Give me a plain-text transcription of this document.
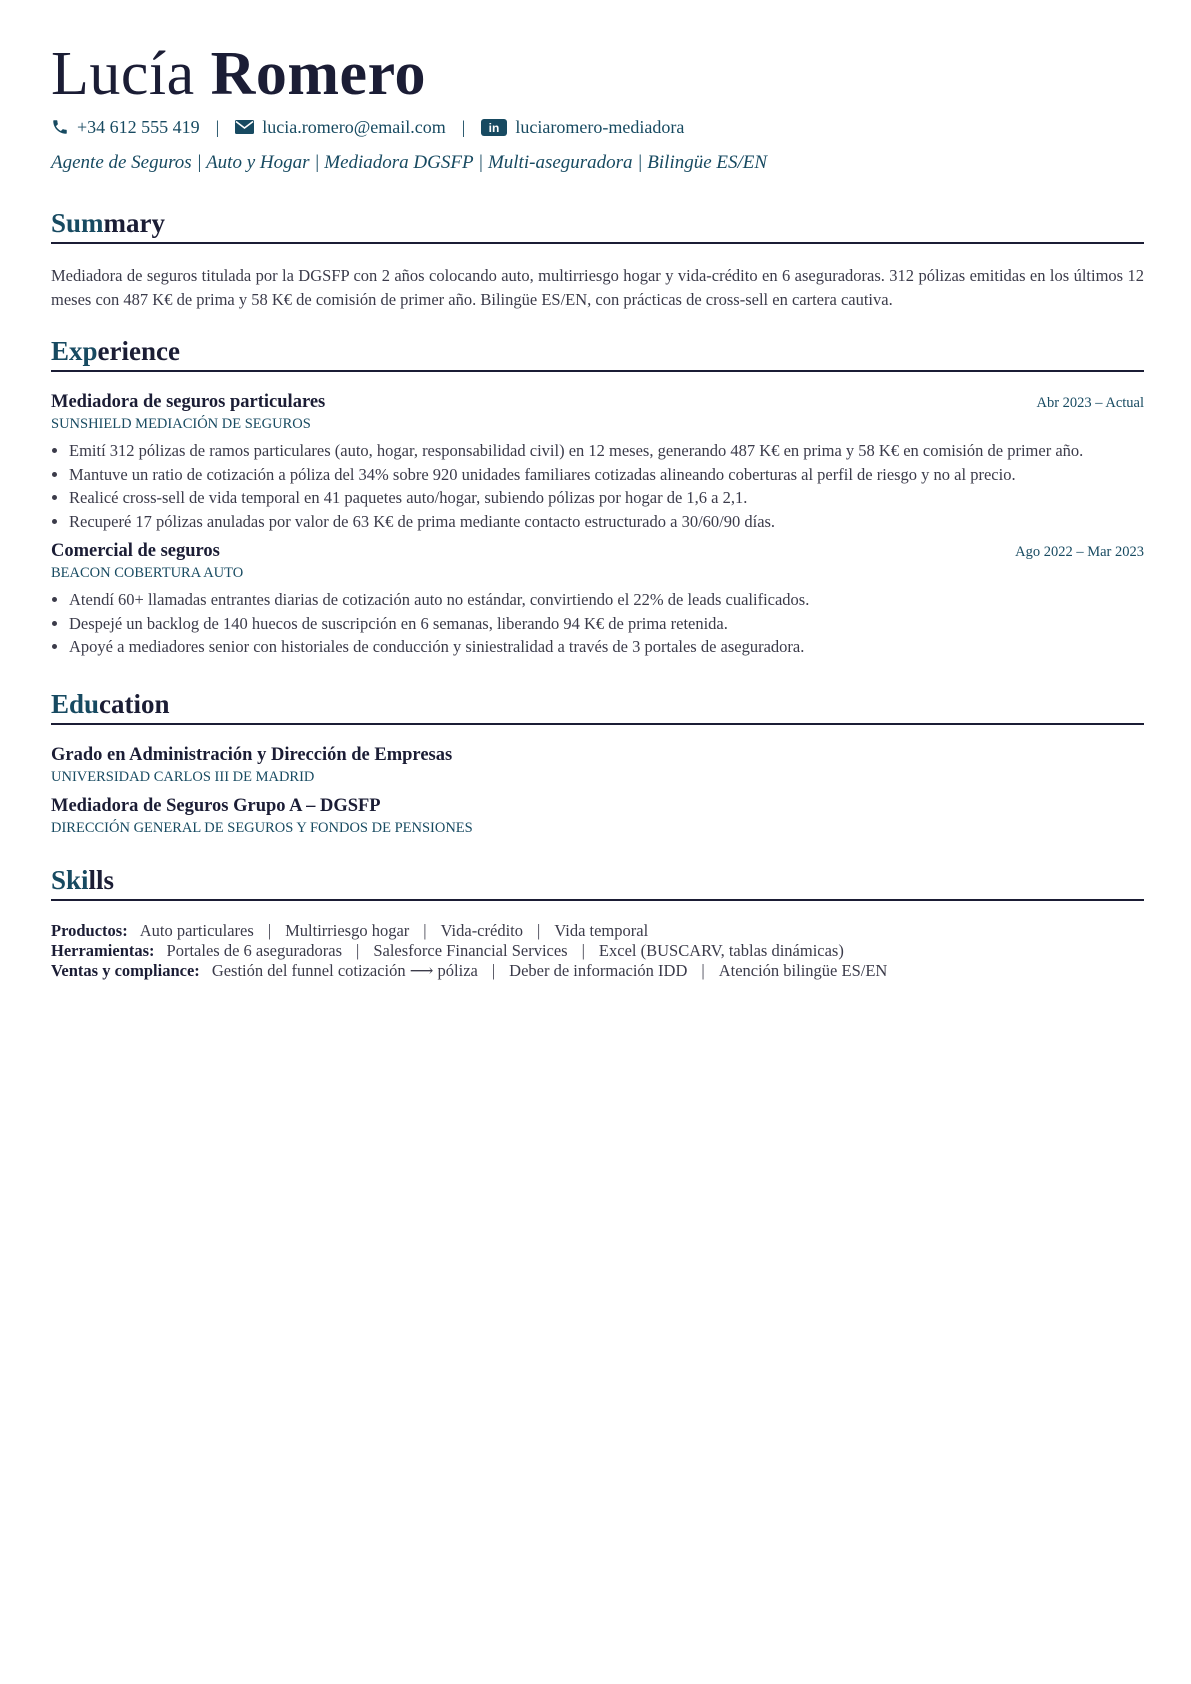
Lucía Romero
+34 612 555 419 | lucia.romero@email.com | in luciaromero-mediadora
Agente de Seguros | Auto y Hogar | Mediadora DGSFP | Multi-aseguradora | Bilingüe ES/EN
Summary
Mediadora de seguros titulada por la DGSFP con 2 años colocando auto, multirriesgo hogar y vida-crédito en 6 aseguradoras. 312 pólizas emitidas en los últimos 12 meses con 487 K€ de prima y 58 K€ de comisión de primer año. Bilingüe ES/EN, con prácticas de cross-sell en cartera cautiva.
Experience
Mediadora de seguros particulares	Abr 2023 – Actual
SUNSHIELD MEDIACIÓN DE SEGUROS
• Emití 312 pólizas de ramos particulares (auto, hogar, responsabilidad civil) en 12 meses, generando 487 K€ en prima y 58 K€ en comisión de primer año.
• Mantuve un ratio de cotización a póliza del 34% sobre 920 unidades familiares cotizadas alineando coberturas al perfil de riesgo y no al precio.
• Realicé cross-sell de vida temporal en 41 paquetes auto/hogar, subiendo pólizas por hogar de 1,6 a 2,1.
• Recuperé 17 pólizas anuladas por valor de 63 K€ de prima mediante contacto estructurado a 30/60/90 días.
Comercial de seguros	Ago 2022 – Mar 2023
BEACON COBERTURA AUTO
• Atendí 60+ llamadas entrantes diarias de cotización auto no estándar, convirtiendo el 22% de leads cualificados.
• Despejé un backlog de 140 huecos de suscripción en 6 semanas, liberando 94 K€ de prima retenida.
• Apoyé a mediadores senior con historiales de conducción y siniestralidad a través de 3 portales de aseguradora.
Education
Grado en Administración y Dirección de Empresas
UNIVERSIDAD CARLOS III DE MADRID
Mediadora de Seguros Grupo A – DGSFP
DIRECCIÓN GENERAL DE SEGUROS Y FONDOS DE PENSIONES
Skills
Productos: Auto particulares | Multirriesgo hogar | Vida-crédito | Vida temporal
Herramientas: Portales de 6 aseguradoras | Salesforce Financial Services | Excel (BUSCARV, tablas dinámicas)
Ventas y compliance: Gestión del funnel cotización ⟶ póliza | Deber de información IDD | Atención bilingüe ES/EN
